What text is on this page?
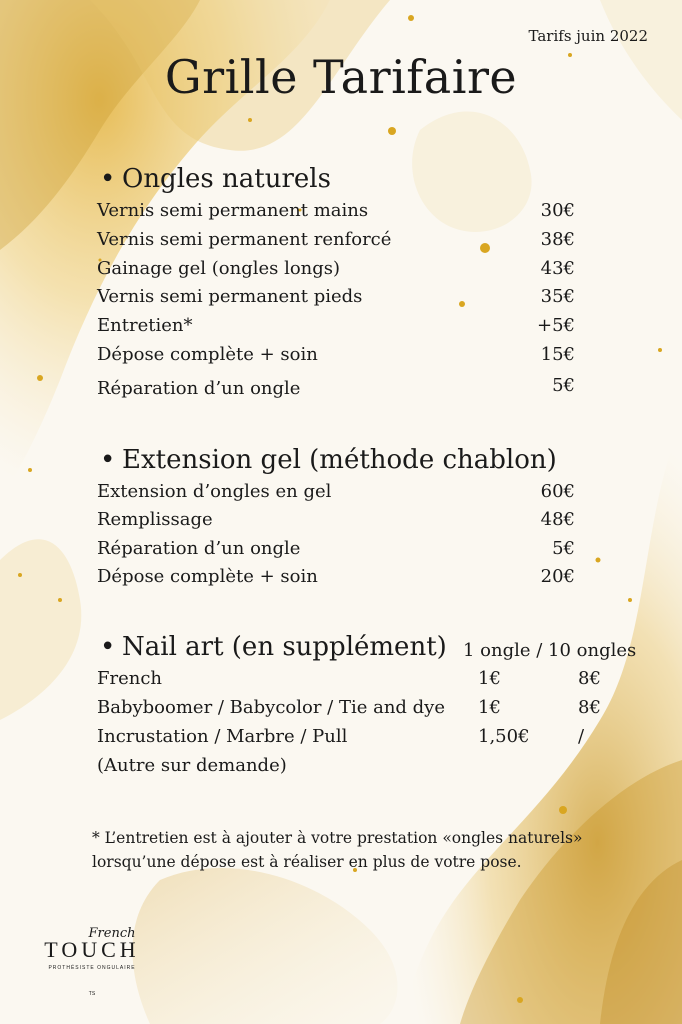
Tarifs juin 2022
Grille Tarifaire
• Ongles naturels
Vernis semi permanent mains	30€
Vernis semi permanent renforcé	38€
Gainage gel (ongles longs)	43€
Vernis semi permanent pieds	35€
Entretien*	+5€
Dépose complète + soin	15€
Réparation d’un ongle	5€
• Extension gel (méthode chablon)
Extension d’ongles en gel	60€
Remplissage	48€
Réparation d’un ongle	5€
Dépose complète + soin	20€
• Nail art (en supplément) 1 ongle / 10 ongles
French	1€	8€
Babyboomer / Babycolor / Tie and dye 1€	8€
Incrustation / Marbre / Pull	1,50€	/
(Autre sur demande)
* L’entretien est à ajouter à votre prestation «ongles naturels» lorsqu’une dépose est à réaliser en plus de votre pose.
French
TOUCH
PROTHÉSISTE ONGULAIRE
TS
